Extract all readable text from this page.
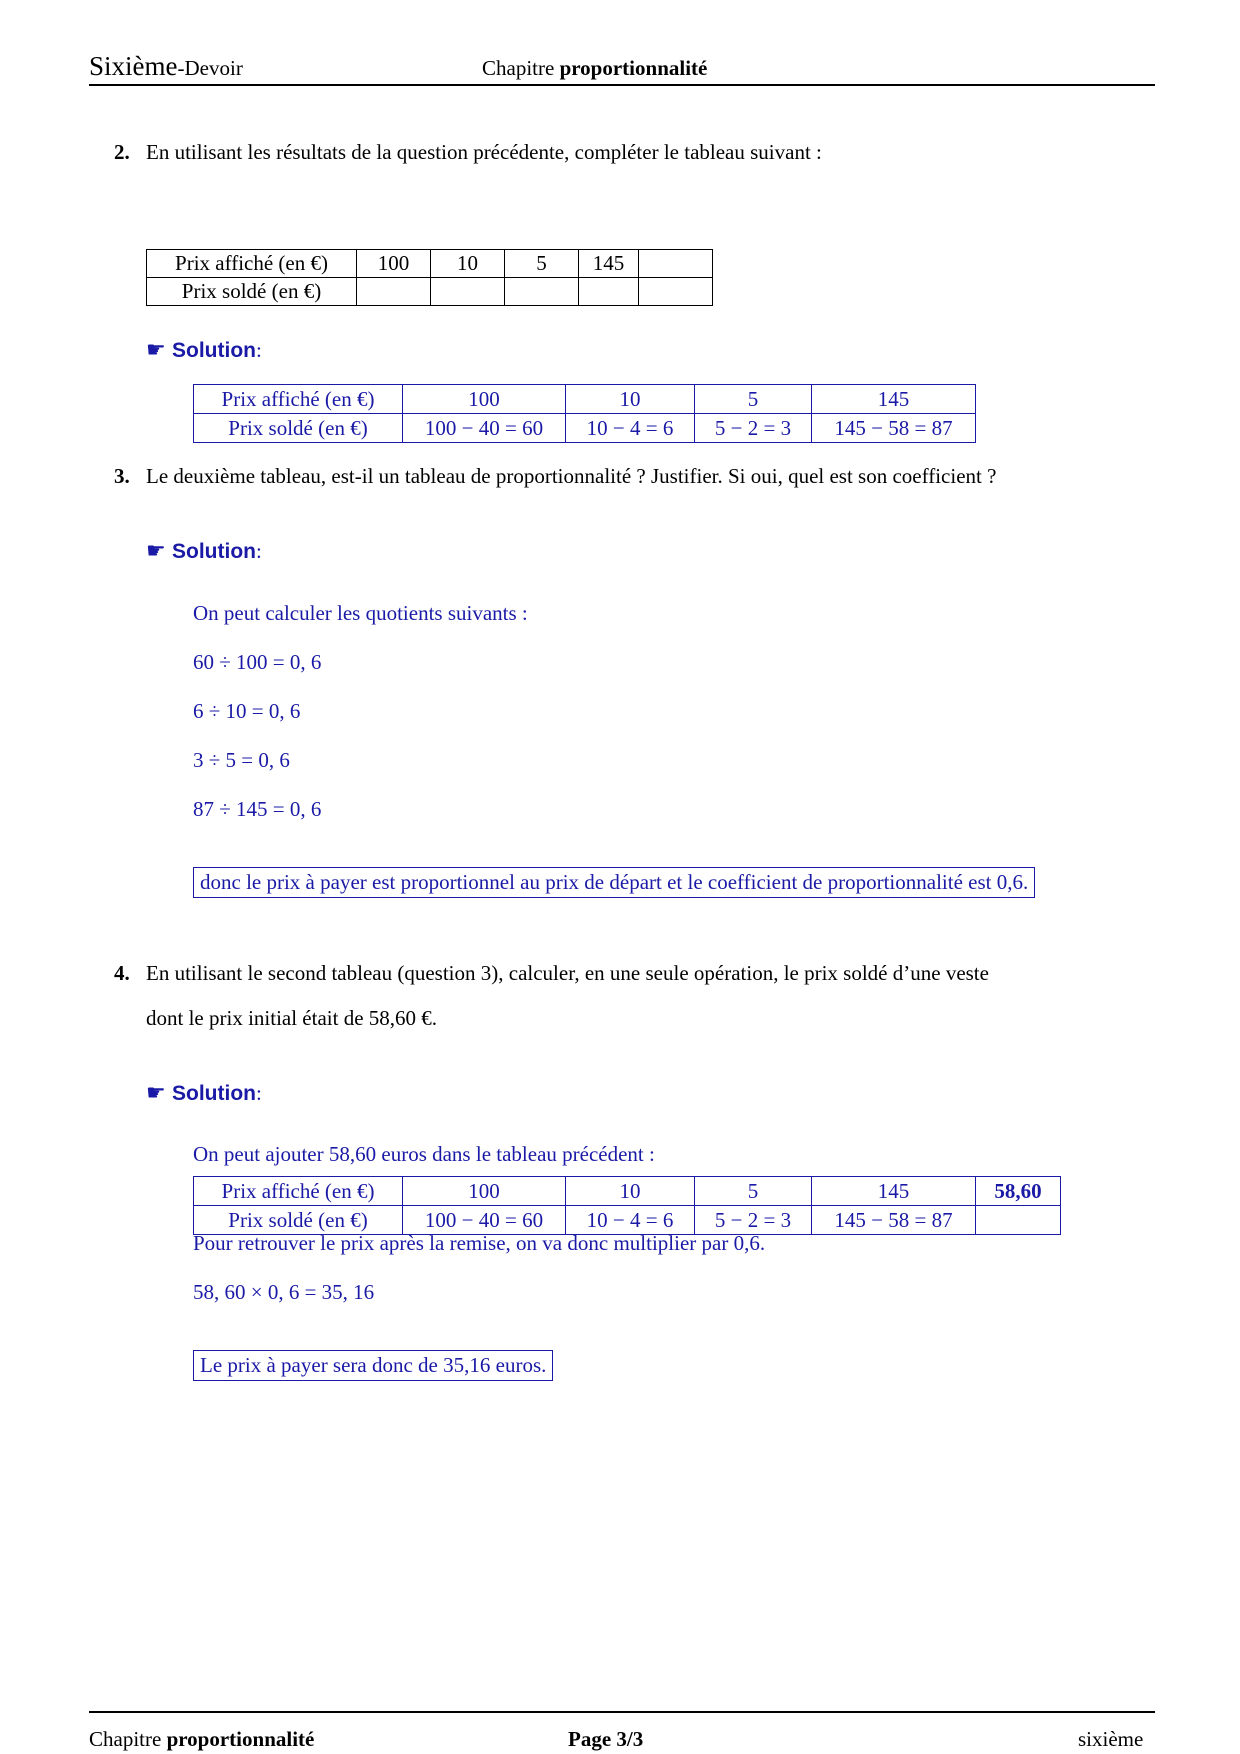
Sixième-Devoir	Chapitre proportionnalité
2. En utilisant les résultats de la question précédente, compléter le tableau suivant :
Prix affiché (en €)	100	10	5	145	
Prix soldé (en €)					
☛ Solution:
Prix affiché (en €)	100	10	5	145
Prix soldé (en €)	100 − 40 = 60	10 − 4 = 6	5 − 2 = 3	145 − 58 = 87
3. Le deuxième tableau, est-il un tableau de proportionnalité ? Justifier. Si oui, quel est son coefficient ?
☛ Solution:
On peut calculer les quotients suivants :
60 ÷ 100 = 0, 6
6 ÷ 10 = 0, 6
3 ÷ 5 = 0, 6
87 ÷ 145 = 0, 6
donc le prix à payer est proportionnel au prix de départ et le coefficient de proportionnalité est 0,6.
4. En utilisant le second tableau (question 3), calculer, en une seule opération, le prix soldé d’une veste
dont le prix initial était de 58,60 €.
☛ Solution:
On peut ajouter 58,60 euros dans le tableau précédent :
Prix affiché (en €)	100	10	5	145	58,60
Prix soldé (en €)	100 − 40 = 60	10 − 4 = 6	5 − 2 = 3	145 − 58 = 87	
Pour retrouver le prix après la remise, on va donc multiplier par 0,6.
58, 60 × 0, 6 = 35, 16
Le prix à payer sera donc de 35,16 euros.
Chapitre proportionnalité	Page 3/3	sixième
